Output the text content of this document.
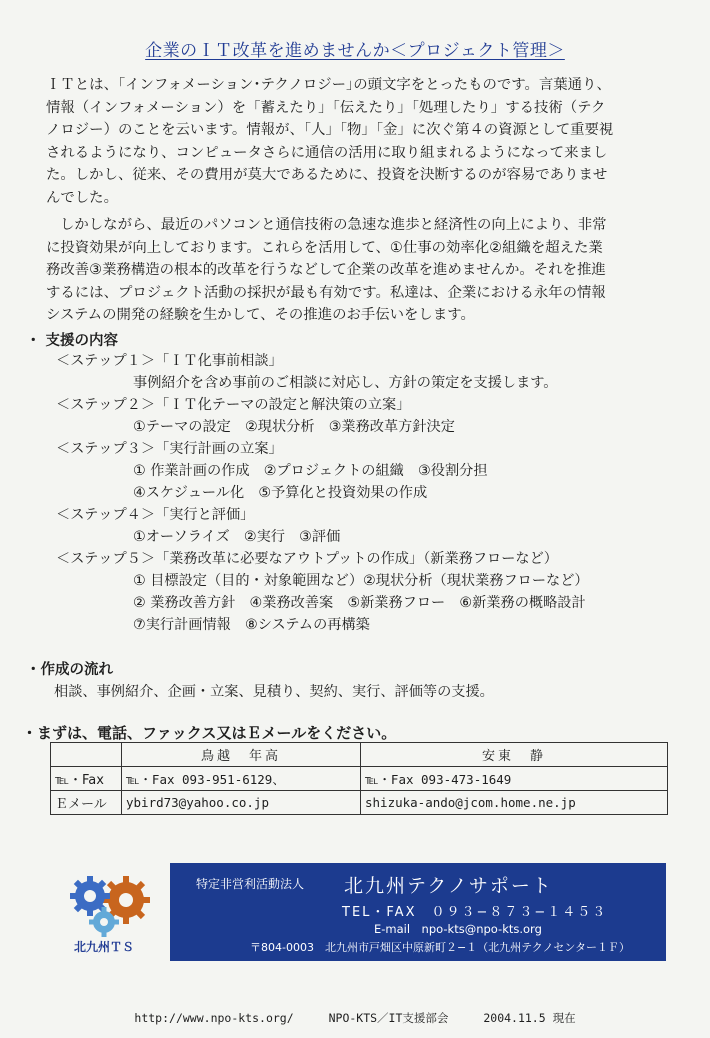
企業のＩＴ改革を進めませんか＜プロジェクト管理＞

ＩＴとは、｢インフォメーション･テクノロジー｣の頭文字をとったものです。言葉通り、
情報（インフォメーション）を「蓄えたり」「伝えたり」「処理したり」する技術（テク
ノロジー）のことを云います。情報が、「人」「物」「金」に次ぐ第４の資源として重要視
されるようになり、コンピュータさらに通信の活用に取り組まれるようになって来まし
た。しかし、従来、その費用が莫大であるために、投資を決断するのが容易でありませ
んでした。

しかしながら、最近のパソコンと通信技術の急速な進歩と経済性の向上により、非常
に投資効果が向上しております。これらを活用して、①仕事の効率化②組織を超えた業
務改善③業務構造の根本的改革を行うなどして企業の改革を進めませんか。それを推進
するには、プロジェクト活動の採択が最も有効です。私達は、企業における永年の情報
システムの開発の経験を生かして、その推進のお手伝いをします。

・ 支援の内容
＜ステップ１＞「ＩＴ化事前相談」
事例紹介を含め事前のご相談に対応し、方針の策定を支援します。
＜ステップ２＞「ＩＴ化テーマの設定と解決策の立案」
①テーマの設定　②現状分析　③業務改革方針決定
＜ステップ３＞「実行計画の立案」
① 作業計画の作成　②プロジェクトの組織　③役割分担
④スケジュール化　⑤予算化と投資効果の作成
＜ステップ４＞「実行と評価」
①オーソライズ　②実行　③評価
＜ステップ５＞「業務改革に必要なアウトプットの作成」（新業務フローなど）
① 目標設定（目的・対象範囲など）②現状分析（現状業務フローなど）
② 業務改善方針　④業務改善案　⑤新業務フロー　⑥新業務の概略設計
⑦実行計画情報　⑧システムの再構築
・作成の流れ
相談、事例紹介、企画・立案、見積り、契約、実行、評価等の支援。
・まずは、電話、ファックス又はＥメールをください。
	鳥越　年高	安東　静
℡・Fax	℡・Fax 093-951-6129、	℡・Fax 093-473-1649
Ｅメール	ybird73@yahoo.co.jp	shizuka-ando@jcom.home.ne.jp
北九州ＴＳ
特定非営利活動法人 北九州テクノサポート
TEL・FAX　０９３−８７３−１４５３
E-mail　npo-kts@npo-kts.org
〒804-0003　北九州市戸畑区中原新町２−１（北九州テクノセンター１Ｆ）
http://www.npo-kts.org/	NPO-KTS／IT支援部会	2004.11.5 現在
